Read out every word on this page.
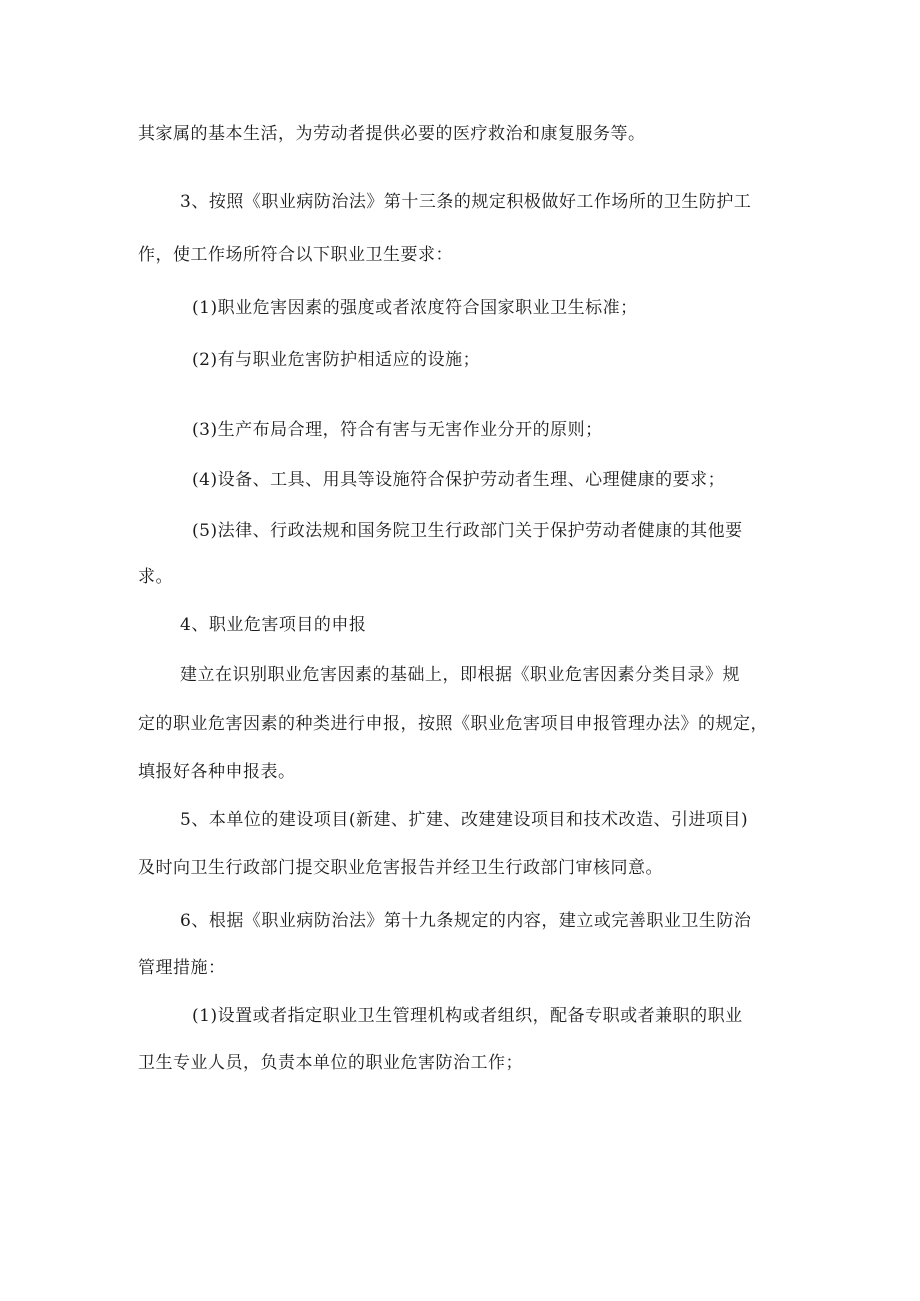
其家属的基本生活，为劳动者提供必要的医疗救治和康复服务等。
3、按照《职业病防治法》第十三条的规定积极做好工作场所的卫生防护工
作，使工作场所符合以下职业卫生要求：
(1)职业危害因素的强度或者浓度符合国家职业卫生标准；
(2)有与职业危害防护相适应的设施；
(3)生产布局合理，符合有害与无害作业分开的原则；
(4)设备、工具、用具等设施符合保护劳动者生理、心理健康的要求；
(5)法律、行政法规和国务院卫生行政部门关于保护劳动者健康的其他要
求。
4、职业危害项目的申报
建立在识别职业危害因素的基础上，即根据《职业危害因素分类目录》规
定的职业危害因素的种类进行申报，按照《职业危害项目申报管理办法》的规定，
填报好各种申报表。
5、本单位的建设项目(新建、扩建、改建建设项目和技术改造、引进项目)
及时向卫生行政部门提交职业危害报告并经卫生行政部门审核同意。
6、根据《职业病防治法》第十九条规定的内容，建立或完善职业卫生防治
管理措施：
(1)设置或者指定职业卫生管理机构或者组织，配备专职或者兼职的职业
卫生专业人员，负责本单位的职业危害防治工作；
